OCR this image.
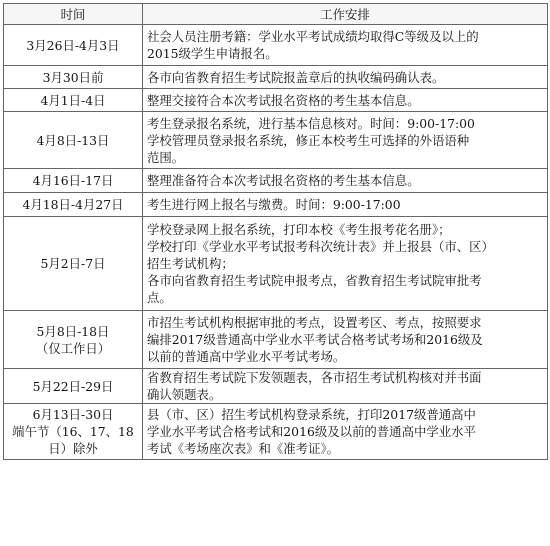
时间	工作安排

3月26日-4月3日	社会人员注册考籍：学业水平考试成绩均取得C等级及以上的
2015级学生申请报名。

3月30日前	各市向省教育招生考试院报盖章后的执收编码确认表。

4月1日-4日	整理交接符合本次考试报名资格的考生基本信息。

4月8日-13日	考生登录报名系统，进行基本信息核对。时间：9:00-17:00
学校管理员登录报名系统，修正本校考生可选择的外语语种
范围。

4月16日-17日	整理准备符合本次考试报名资格的考生基本信息。

4月18日-4月27日	考生进行网上报名与缴费。时间：9:00-17:00

5月2日-7日	学校登录网上报名系统，打印本校《考生报考花名册》；
学校打印《学业水平考试报考科次统计表》并上报县（市、区）
招生考试机构；
各市向省教育招生考试院申报考点，省教育招生考试院审批考
点。

5月8日-18日
（仅工作日）	市招生考试机构根据审批的考点，设置考区、考点，按照要求
编排2017级普通高中学业水平考试合格考试考场和2016级及
以前的普通高中学业水平考试考场。

5月22日-29日	省教育招生考试院下发领题表，各市招生考试机构核对并书面
确认领题表。

6月13日-30日
端午节（16、17、18
日）除外	县（市、区）招生考试机构登录系统，打印2017级普通高中
学业水平考试合格考试和2016级及以前的普通高中学业水平
考试《考场座次表》和《准考证》。
